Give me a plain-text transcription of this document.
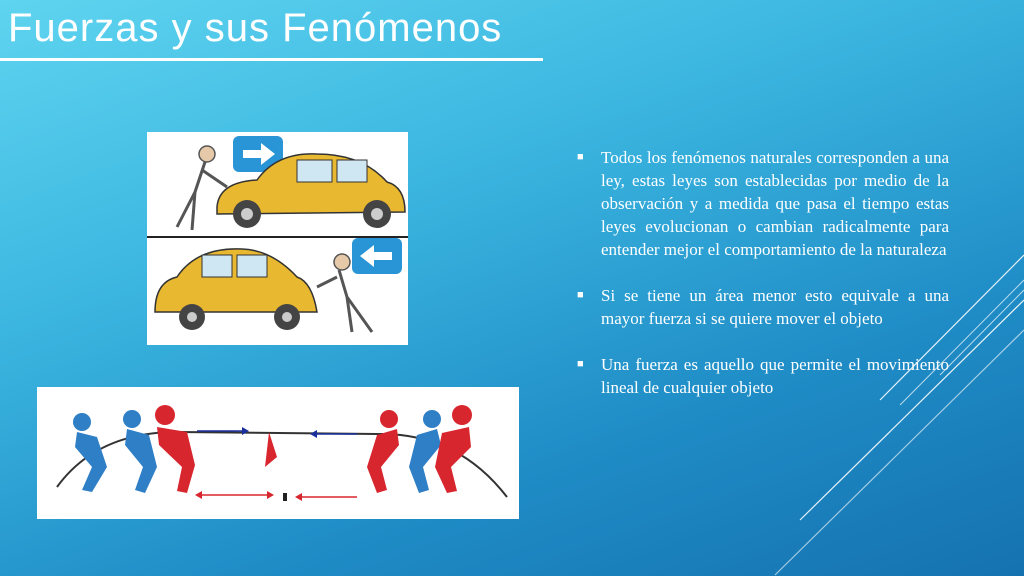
Fuerzas y sus Fenómenos
■	Todos los fenómenos naturales corresponden a una ley, estas leyes son establecidas por medio de la observación y a medida que pasa el tiempo estas leyes evolucionan o cambian radicalmente para entender mejor el comportamiento de la naturaleza
■	Si se tiene un área menor esto equivale a una mayor fuerza si se quiere mover el objeto
■	Una fuerza es aquello que permite el movimiento lineal de cualquier objeto
